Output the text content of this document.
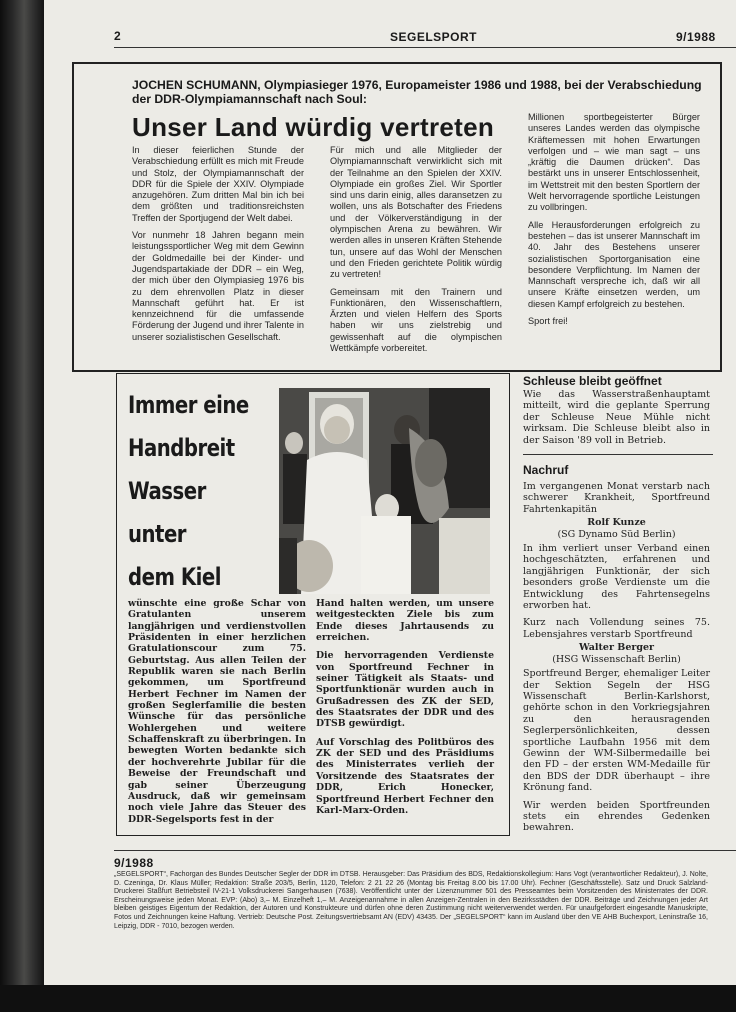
2	SEGELSPORT	9/1988
JOCHEN SCHUMANN, Olympiasieger 1976, Europameister 1986 und 1988, bei der Verabschiedung der DDR-Olympiamannschaft nach Soul:
Unser Land würdig vertreten

In dieser feierlichen Stunde der Verabschiedung erfüllt es mich mit Freude und Stolz, der Olympiamannschaft der DDR für die Spiele der XXIV. Olympiade anzugehören. Zum dritten Mal bin ich bei dem größten und traditionsreichsten Treffen der Sportjugend der Welt dabei.

Vor nunmehr 18 Jahren begann mein leistungssportlicher Weg mit dem Gewinn der Goldmedaille bei der Kinder- und Jugendspartakiade der DDR – ein Weg, der mich über den Olympiasieg 1976 bis zu dem ehrenvollen Platz in dieser Mannschaft geführt hat. Er ist kennzeichnend für die umfassende Förderung der Jugend und ihrer Talente in unserer sozialistischen Gesellschaft.

Für mich und alle Mitglieder der Olympiamannschaft verwirklicht sich mit der Teilnahme an den Spielen der XXIV. Olympiade ein großes Ziel. Wir Sportler sind uns darin einig, alles daransetzen zu wollen, uns als Botschafter des Friedens und der Völkerverständigung in der olympischen Arena zu bewähren. Wir werden alles in unseren Kräften Stehende tun, unsere auf das Wohl der Menschen und den Frieden gerichtete Politik würdig zu vertreten!

Gemeinsam mit den Trainern und Funktionären, den Wissenschaftlern, Ärzten und vielen Helfern des Sports haben wir uns zielstrebig und gewissenhaft auf die olympischen Wettkämpfe vorbereitet.

Millionen sportbegeisterter Bürger unseres Landes werden das olympische Kräftemessen mit hohen Erwartungen verfolgen und – wie man sagt – uns „kräftig die Daumen drücken“. Das bestärkt uns in unserer Entschlossenheit, im Wettstreit mit den besten Sportlern der Welt hervorragende sportliche Leistungen zu vollbringen.

Alle Herausforderungen erfolgreich zu bestehen – das ist unserer Mannschaft im 40. Jahr des Bestehens unserer sozialistischen Sportorganisation eine besondere Verpflichtung. Im Namen der Mannschaft verspreche ich, daß wir all unsere Kräfte einsetzen werden, um diesen Kampf erfolgreich zu bestehen.

Sport frei!

Immer eine
Handbreit
Wasser
unter
dem Kiel

wünschte eine große Schar von Gratulanten unserem langjährigen und verdienstvollen Präsidenten in einer herzlichen Gratulationscour zum 75. Geburtstag. Aus allen Teilen der Republik waren sie nach Berlin gekommen, um Sportfreund Herbert Fechner im Namen der großen Seglerfamilie die besten Wünsche für das persönliche Wohlergehen und weitere Schaffenskraft zu überbringen. In bewegten Worten bedankte sich der hochverehrte Jubilar für die Beweise der Freundschaft und gab seiner Überzeugung Ausdruck, daß wir gemeinsam noch viele Jahre das Steuer des DDR-Segelsports fest in der

Hand halten werden, um unsere weitgesteckten Ziele bis zum Ende dieses Jahrtausends zu erreichen.

Die hervorragenden Verdienste von Sportfreund Fechner in seiner Tätigkeit als Staats- und Sportfunktionär wurden auch in Grußadressen des ZK der SED, des Staatsrates der DDR und des DTSB gewürdigt.

Auf Vorschlag des Politbüros des ZK der SED und des Präsidiums des Ministerrates verlieh der Vorsitzende des Staatsrates der DDR, Erich Honecker, Sportfreund Herbert Fechner den Karl-Marx-Orden.

Schleuse bleibt geöffnet

Wie das Wasserstraßenhauptamt mitteilt, wird die geplante Sperrung der Schleuse Neue Mühle nicht wirksam. Die Schleuse bleibt also in der Saison '89 voll in Betrieb.

Nachruf

Im vergangenen Monat verstarb nach schwerer Krankheit, Sportfreund Fahrtenkapitän

Rolf Kunze
(SG Dynamo Süd Berlin)

In ihm verliert unser Verband einen hochgeschätzten, erfahrenen und langjährigen Funktionär, der sich besonders große Verdienste um die Entwicklung des Fahrtensegelns erworben hat.

Kurz nach Vollendung seines 75. Lebensjahres verstarb Sportfreund

Walter Berger
(HSG Wissenschaft Berlin)

Sportfreund Berger, ehemaliger Leiter der Sektion Segeln der HSG Wissenschaft Berlin-Karlshorst, gehörte schon in den Vorkriegsjahren zu den herausragenden Seglerpersönlichkeiten, dessen sportliche Laufbahn 1956 mit dem Gewinn der WM-Silbermedaille bei den FD – der ersten WM-Medaille für den BDS der DDR überhaupt – ihre Krönung fand.

Wir werden beiden Sportfreunden stets ein ehrendes Gedenken bewahren.

9/1988
„SEGELSPORT“, Fachorgan des Bundes Deutscher Segler der DDR im DTSB. Herausgeber: Das Präsidium des BDS, Redaktionskollegium: Hans Vogt (verantwortlicher Redakteur), J. Nolte, D. Czeninga, Dr. Klaus Müller; Redaktion: Straße 203/5, Berlin, 1120, Telefon: 2 21 22 26 (Montag bis Freitag 8.00 bis 17.00 Uhr). Fechner (Geschäftsstelle). Satz und Druck Salzland-Druckerei Staßfurt Betriebsteil IV-21-1 Volksdruckerei Sangerhausen (7638). Veröffentlicht unter der Lizenznummer 501 des Presseamtes beim Vorsitzenden des Ministerrates der DDR. Erscheinungsweise jeden Monat. EVP: (Abo) 3,– M. Einzelheft 1,– M. Anzeigenannahme in allen Anzeigen-Zentralen in den Bezirksstädten der DDR. Beiträge und Zeichnungen jeder Art bleiben geistiges Eigentum der Redaktion, der Autoren und Konstrukteure und dürfen ohne deren Zustimmung nicht weiterverwendet werden. Für unaufgefordert eingesandte Manuskripte, Fotos und Zeichnungen keine Haftung. Vertrieb: Deutsche Post. Zeitungsvertriebsamt AN (EDV) 43435. Der „SEGELSPORT“ kann im Ausland über den VE AHB Buchexport, Leninstraße 16, Leipzig, DDR - 7010, bezogen werden.
